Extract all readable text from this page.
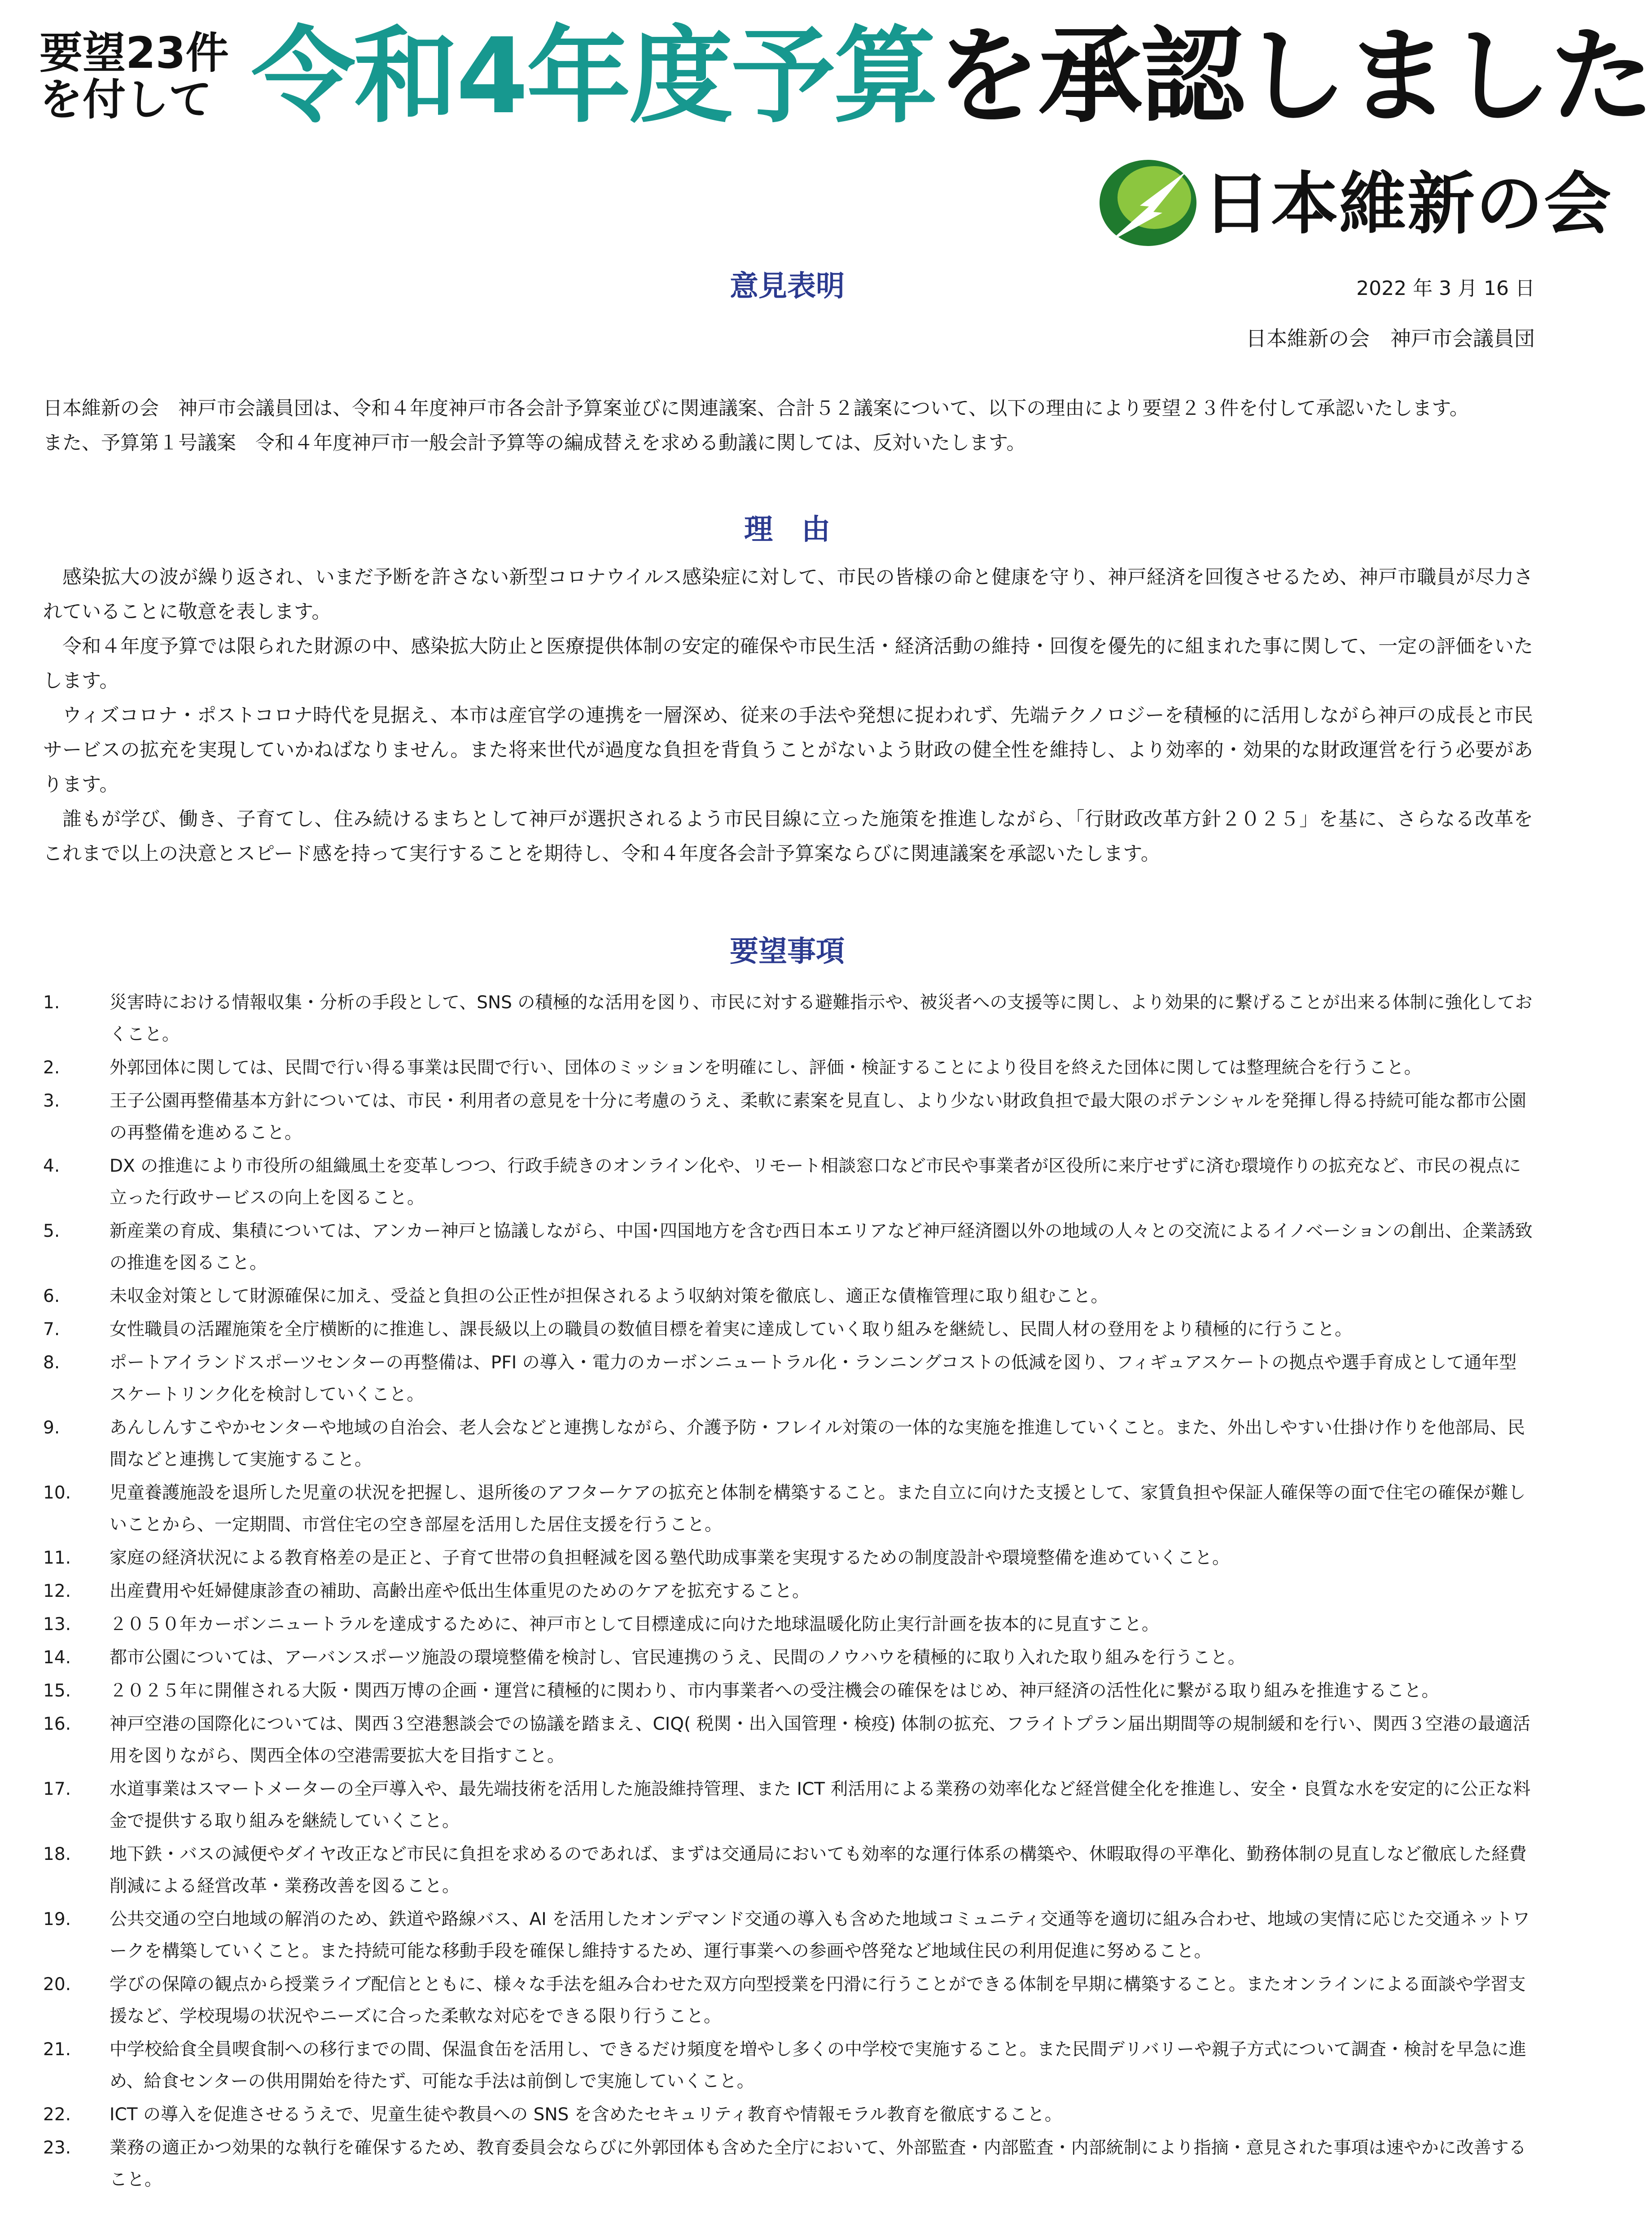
要望23件
を付して 令和4年度予算を承認しました
日本維新の会
意見表明	2022 年 3 月 16 日
日本維新の会　神戸市会議員団

日本維新の会　神戸市会議員団は、令和４年度神戸市各会計予算案並びに関連議案、合計５２議案について、以下の理由により要望２３件を付して承認いたします。

また、予算第１号議案　令和４年度神戸市一般会計予算等の編成替えを求める動議に関しては、反対いたします。

理　由

感染拡大の波が繰り返され、いまだ予断を許さない新型コロナウイルス感染症に対して、市民の皆様の命と健康を守り、神戸経済を回復させるため、神戸市職員が尽力されていることに敬意を表します。

令和４年度予算では限られた財源の中、感染拡大防止と医療提供体制の安定的確保や市民生活・経済活動の維持・回復を優先的に組まれた事に関して、一定の評価をいたします。

ウィズコロナ・ポストコロナ時代を見据え、本市は産官学の連携を一層深め、従来の手法や発想に捉われず、先端テクノロジーを積極的に活用しながら神戸の成長と市民サービスの拡充を実現していかねばなりません。また将来世代が過度な負担を背負うことがないよう財政の健全性を維持し、より効率的・効果的な財政運営を行う必要があります。

誰もが学び、働き、子育てし、住み続けるまちとして神戸が選択されるよう市民目線に立った施策を推進しながら、「行財政改革方針２０２５」を基に、さらなる改革をこれまで以上の決意とスピード感を持って実行することを期待し、令和４年度各会計予算案ならびに関連議案を承認いたします。

要望事項
1.	災害時における情報収集・分析の手段として、SNS の積極的な活用を図り、市民に対する避難指示や、被災者への支援等に関し、より効果的に繋げることが出来る体制に強化しておくこと。
2.	外郭団体に関しては、民間で行い得る事業は民間で行い、団体のミッションを明確にし、評価・検証することにより役目を終えた団体に関しては整理統合を行うこと。
3.	王子公園再整備基本方針については、市民・利用者の意見を十分に考慮のうえ、柔軟に素案を見直し、より少ない財政負担で最大限のポテンシャルを発揮し得る持続可能な都市公園の再整備を進めること。
4.	DX の推進により市役所の組織風土を変革しつつ、行政手続きのオンライン化や、リモート相談窓口など市民や事業者が区役所に来庁せずに済む環境作りの拡充など、市民の視点に立った行政サービスの向上を図ること。
5.	新産業の育成、集積については、アンカー神戸と協議しながら、中国･四国地方を含む西日本エリアなど神戸経済圏以外の地域の人々との交流によるイノベーションの創出、企業誘致の推進を図ること。
6.	未収金対策として財源確保に加え、受益と負担の公正性が担保されるよう収納対策を徹底し、適正な債権管理に取り組むこと。
7.	女性職員の活躍施策を全庁横断的に推進し、課長級以上の職員の数値目標を着実に達成していく取り組みを継続し、民間人材の登用をより積極的に行うこと。
8.	ポートアイランドスポーツセンターの再整備は、PFI の導入・電力のカーボンニュートラル化・ランニングコストの低減を図り、フィギュアスケートの拠点や選手育成として通年型スケートリンク化を検討していくこと。
9.	あんしんすこやかセンターや地域の自治会、老人会などと連携しながら、介護予防・フレイル対策の一体的な実施を推進していくこと。また、外出しやすい仕掛け作りを他部局、民間などと連携して実施すること。
10.	児童養護施設を退所した児童の状況を把握し、退所後のアフターケアの拡充と体制を構築すること。また自立に向けた支援として、家賃負担や保証人確保等の面で住宅の確保が難しいことから、一定期間、市営住宅の空き部屋を活用した居住支援を行うこと。
11.	家庭の経済状況による教育格差の是正と、子育て世帯の負担軽減を図る塾代助成事業を実現するための制度設計や環境整備を進めていくこと。
12.	出産費用や妊婦健康診査の補助、高齢出産や低出生体重児のためのケアを拡充すること。
13.	２０５０年カーボンニュートラルを達成するために、神戸市として目標達成に向けた地球温暖化防止実行計画を抜本的に見直すこと。
14.	都市公園については、アーバンスポーツ施設の環境整備を検討し、官民連携のうえ、民間のノウハウを積極的に取り入れた取り組みを行うこと。
15.	２０２５年に開催される大阪・関西万博の企画・運営に積極的に関わり、市内事業者への受注機会の確保をはじめ、神戸経済の活性化に繋がる取り組みを推進すること。
16.	神戸空港の国際化については、関西３空港懇談会での協議を踏まえ、CIQ( 税関・出入国管理・検疫) 体制の拡充、フライトプラン届出期間等の規制緩和を行い、関西３空港の最適活用を図りながら、関西全体の空港需要拡大を目指すこと。
17.	水道事業はスマートメーターの全戸導入や、最先端技術を活用した施設維持管理、また ICT 利活用による業務の効率化など経営健全化を推進し、安全・良質な水を安定的に公正な料金で提供する取り組みを継続していくこと。
18.	地下鉄・バスの減便やダイヤ改正など市民に負担を求めるのであれば、まずは交通局においても効率的な運行体系の構築や、休暇取得の平準化、勤務体制の見直しなど徹底した経費削減による経営改革・業務改善を図ること。
19.	公共交通の空白地域の解消のため、鉄道や路線バス、AI を活用したオンデマンド交通の導入も含めた地域コミュニティ交通等を適切に組み合わせ、地域の実情に応じた交通ネットワークを構築していくこと。また持続可能な移動手段を確保し維持するため、運行事業への参画や啓発など地域住民の利用促進に努めること。
20.	学びの保障の観点から授業ライブ配信とともに、様々な手法を組み合わせた双方向型授業を円滑に行うことができる体制を早期に構築すること。またオンラインによる面談や学習支援など、学校現場の状況やニーズに合った柔軟な対応をできる限り行うこと。
21.	中学校給食全員喫食制への移行までの間、保温食缶を活用し、できるだけ頻度を増やし多くの中学校で実施すること。また民間デリバリーや親子方式について調査・検討を早急に進め、給食センターの供用開始を待たず、可能な手法は前倒しで実施していくこと。
22.	ICT の導入を促進させるうえで、児童生徒や教員への SNS を含めたセキュリティ教育や情報モラル教育を徹底すること。
23.	業務の適正かつ効果的な執行を確保するため、教育委員会ならびに外郭団体も含めた全庁において、外部監査・内部監査・内部統制により指摘・意見された事項は速やかに改善すること。
